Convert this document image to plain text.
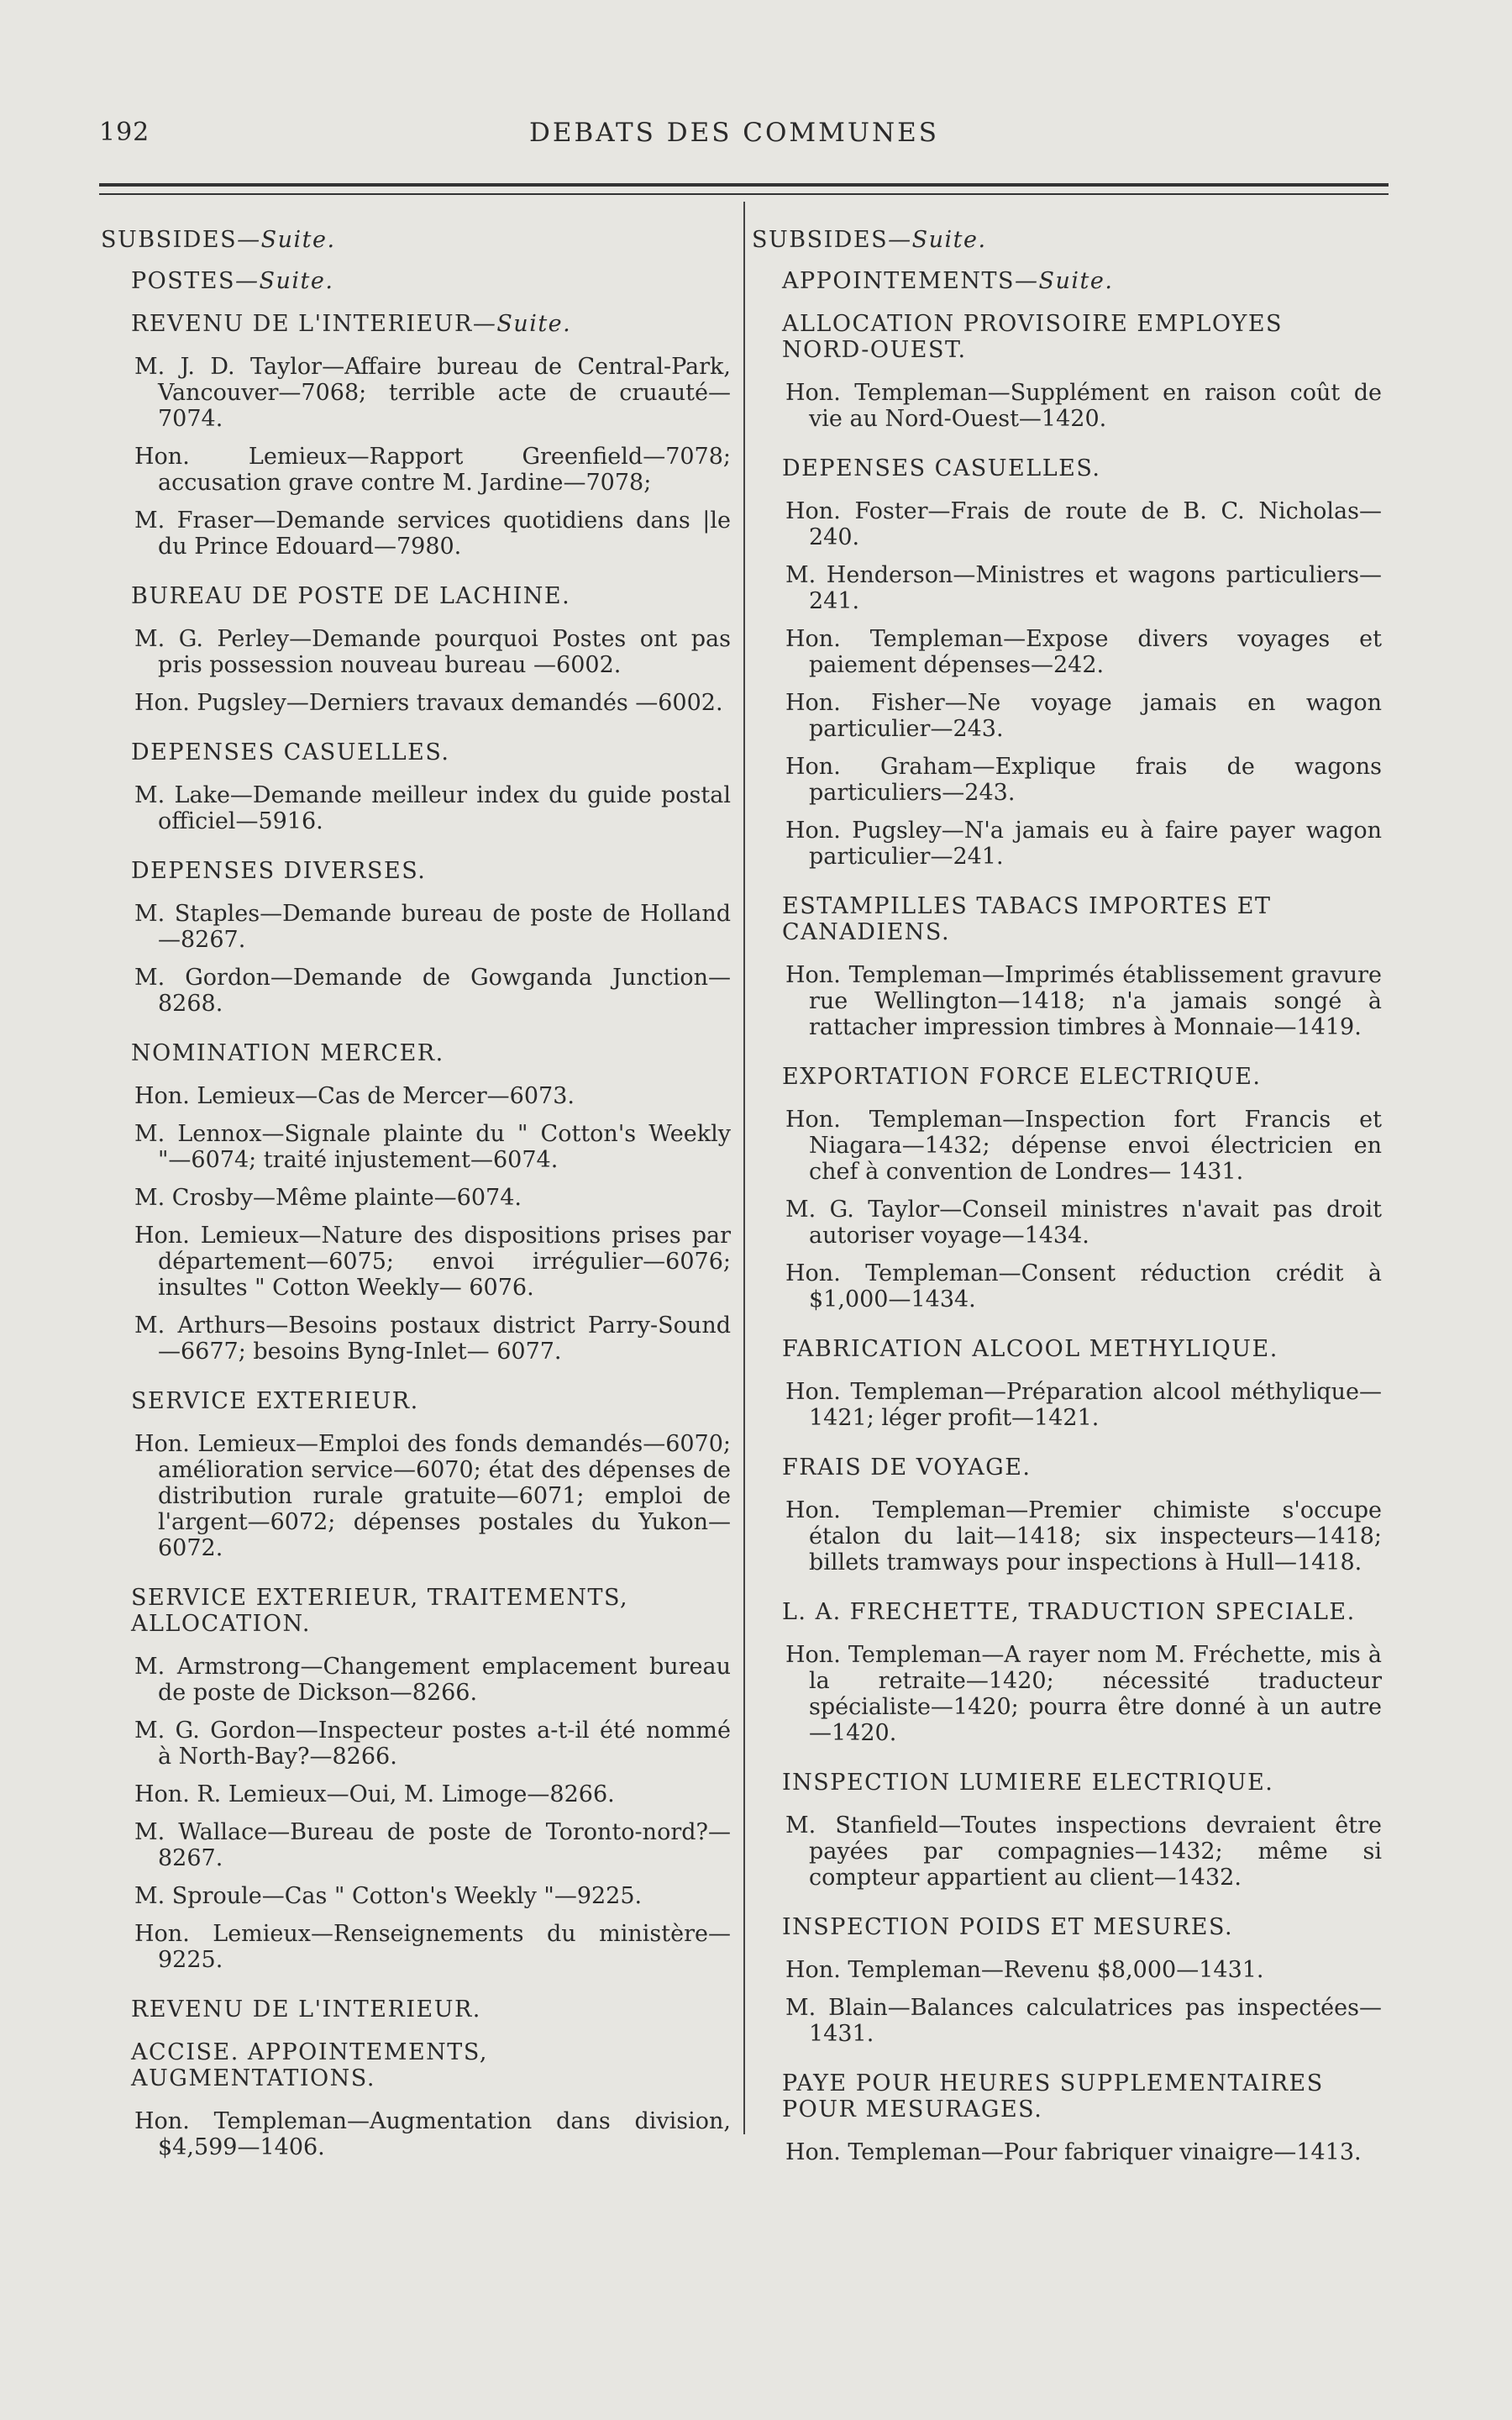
192	DEBATS DES COMMUNES

SUBSIDES—Suite.

POSTES—Suite.

REVENU DE L'INTERIEUR—Suite.

M. J. D. Taylor—Affaire bureau de Central-Park, Vancouver—7068; terrible acte de cruauté—7074.

Hon. Lemieux—Rapport Greenfield—7078; accusation grave contre M. Jardine—7078;

M. Fraser—Demande services quotidiens dans |le du Prince Edouard—7980.

BUREAU DE POSTE DE LACHINE.

M. G. Perley—Demande pourquoi Postes ont pas pris possession nouveau bureau —6002.

Hon. Pugsley—Derniers travaux demandés —6002.

DEPENSES CASUELLES.

M. Lake—Demande meilleur index du guide postal officiel—5916.

DEPENSES DIVERSES.

M. Staples—Demande bureau de poste de Holland—8267.

M. Gordon—Demande de Gowganda Junction—8268.

NOMINATION MERCER.

Hon. Lemieux—Cas de Mercer—6073.

M. Lennox—Signale plainte du " Cotton's Weekly "—6074; traité injustement—6074.

M. Crosby—Même plainte—6074.

Hon. Lemieux—Nature des dispositions prises par département—6075; envoi irrégulier—6076; insultes " Cotton Weekly— 6076.

M. Arthurs—Besoins postaux district Parry-Sound—6677; besoins Byng-Inlet— 6077.

SERVICE EXTERIEUR.

Hon. Lemieux—Emploi des fonds demandés—6070; amélioration service—6070; état des dépenses de distribution rurale gratuite—6071; emploi de l'argent—6072; dépenses postales du Yukon—6072.

SERVICE EXTERIEUR, TRAITEMENTS, ALLOCATION.

M. Armstrong—Changement emplacement bureau de poste de Dickson—8266.

M. G. Gordon—Inspecteur postes a-t-il été nommé à North-Bay?—8266.

Hon. R. Lemieux—Oui, M. Limoge—8266.

M. Wallace—Bureau de poste de Toronto-nord?—8267.

M. Sproule—Cas " Cotton's Weekly "—9225.

Hon. Lemieux—Renseignements du ministère—9225.

REVENU DE L'INTERIEUR.

ACCISE. APPOINTEMENTS, AUGMENTATIONS.

Hon. Templeman—Augmentation dans division, $4,599—1406.

SUBSIDES—Suite.

APPOINTEMENTS—Suite.

ALLOCATION PROVISOIRE EMPLOYES NORD-OUEST.

Hon. Templeman—Supplément en raison coût de vie au Nord-Ouest—1420.

DEPENSES CASUELLES.

Hon. Foster—Frais de route de B. C. Nicholas—240.

M. Henderson—Ministres et wagons particuliers—241.

Hon. Templeman—Expose divers voyages et paiement dépenses—242.

Hon. Fisher—Ne voyage jamais en wagon particulier—243.

Hon. Graham—Explique frais de wagons particuliers—243.

Hon. Pugsley—N'a jamais eu à faire payer wagon particulier—241.

ESTAMPILLES TABACS IMPORTES ET CANADIENS.

Hon. Templeman—Imprimés établissement gravure rue Wellington—1418; n'a jamais songé à rattacher impression timbres à Monnaie—1419.

EXPORTATION FORCE ELECTRIQUE.

Hon. Templeman—Inspection fort Francis et Niagara—1432; dépense envoi électricien en chef à convention de Londres— 1431.

M. G. Taylor—Conseil ministres n'avait pas droit autoriser voyage—1434.

Hon. Templeman—Consent réduction crédit à $1,000—1434.

FABRICATION ALCOOL METHYLIQUE.

Hon. Templeman—Préparation alcool méthylique—1421; léger profit—1421.

FRAIS DE VOYAGE.

Hon. Templeman—Premier chimiste s'occupe étalon du lait—1418; six inspecteurs—1418; billets tramways pour inspections à Hull—1418.

L. A. FRECHETTE, TRADUCTION SPECIALE.

Hon. Templeman—A rayer nom M. Fréchette, mis à la retraite—1420; nécessité traducteur spécialiste—1420; pourra être donné à un autre—1420.

INSPECTION LUMIERE ELECTRIQUE.

M. Stanfield—Toutes inspections devraient être payées par compagnies—1432; même si compteur appartient au client—1432.

INSPECTION POIDS ET MESURES.

Hon. Templeman—Revenu $8,000—1431.

M. Blain—Balances calculatrices pas inspectées—1431.

PAYE POUR HEURES SUPPLEMENTAIRES POUR MESURAGES.

Hon. Templeman—Pour fabriquer vinaigre—1413.
